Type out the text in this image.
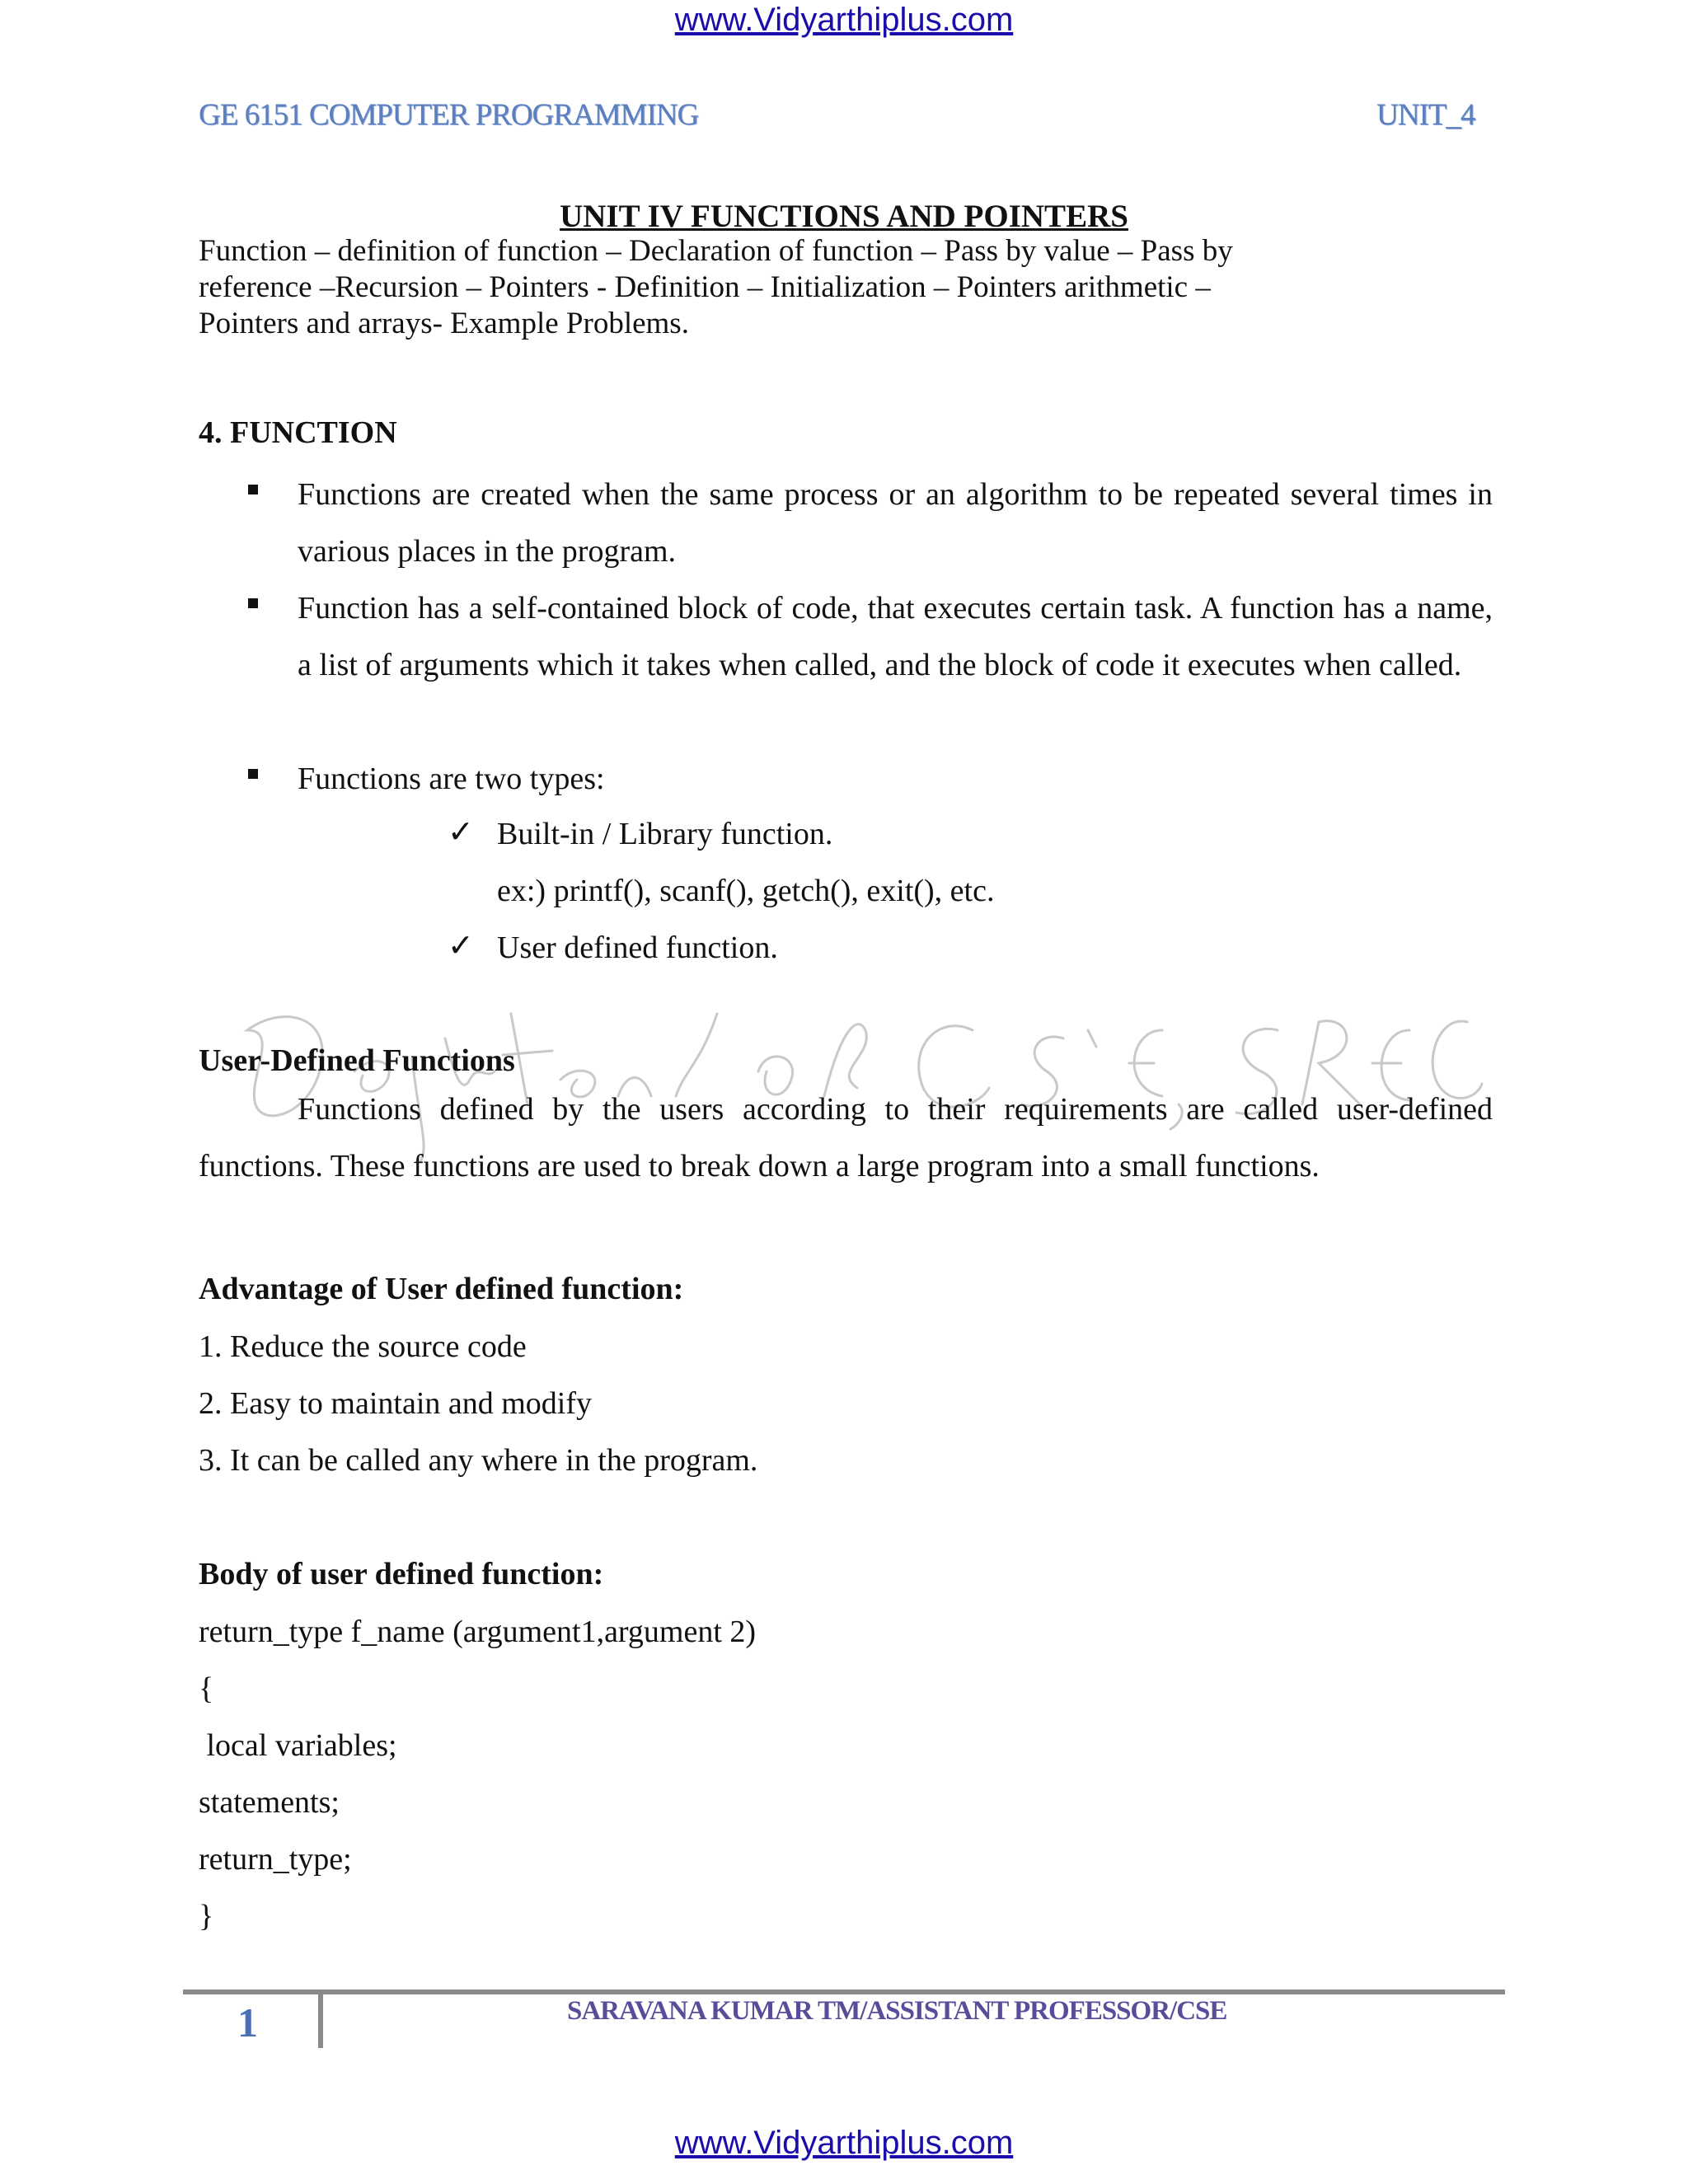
www.Vidyarthiplus.com
GE 6151 COMPUTER PROGRAMMING	UNIT_4
UNIT IV FUNCTIONS AND POINTERS
Function – definition of function – Declaration of function – Pass by value – Pass by
reference –Recursion – Pointers - Definition – Initialization – Pointers arithmetic –
Pointers and arrays- Example Problems.
4. FUNCTION
Functions are created when the same process or an algorithm to be repeated several times in various places in the program.
Function has a self-contained block of code, that executes certain task. A function has a name, a list of arguments which it takes when called, and the block of code it executes when called.
Functions are two types:
✓ Built-in / Library function.
ex:) printf(), scanf(), getch(), exit(), etc.
✓ User defined function.
User-Defined Functions
Functions defined by the users according to their requirements are called user-defined
functions. These functions are used to break down a large program into a small functions.
Advantage of User defined function:
1. Reduce the source code
2. Easy to maintain and modify
3. It can be called any where in the program.
Body of user defined function:
return_type f_name (argument1,argument 2)
{
local variables;
statements;
return_type;
}
1	SARAVANA KUMAR TM/ASSISTANT PROFESSOR/CSE
www.Vidyarthiplus.com
